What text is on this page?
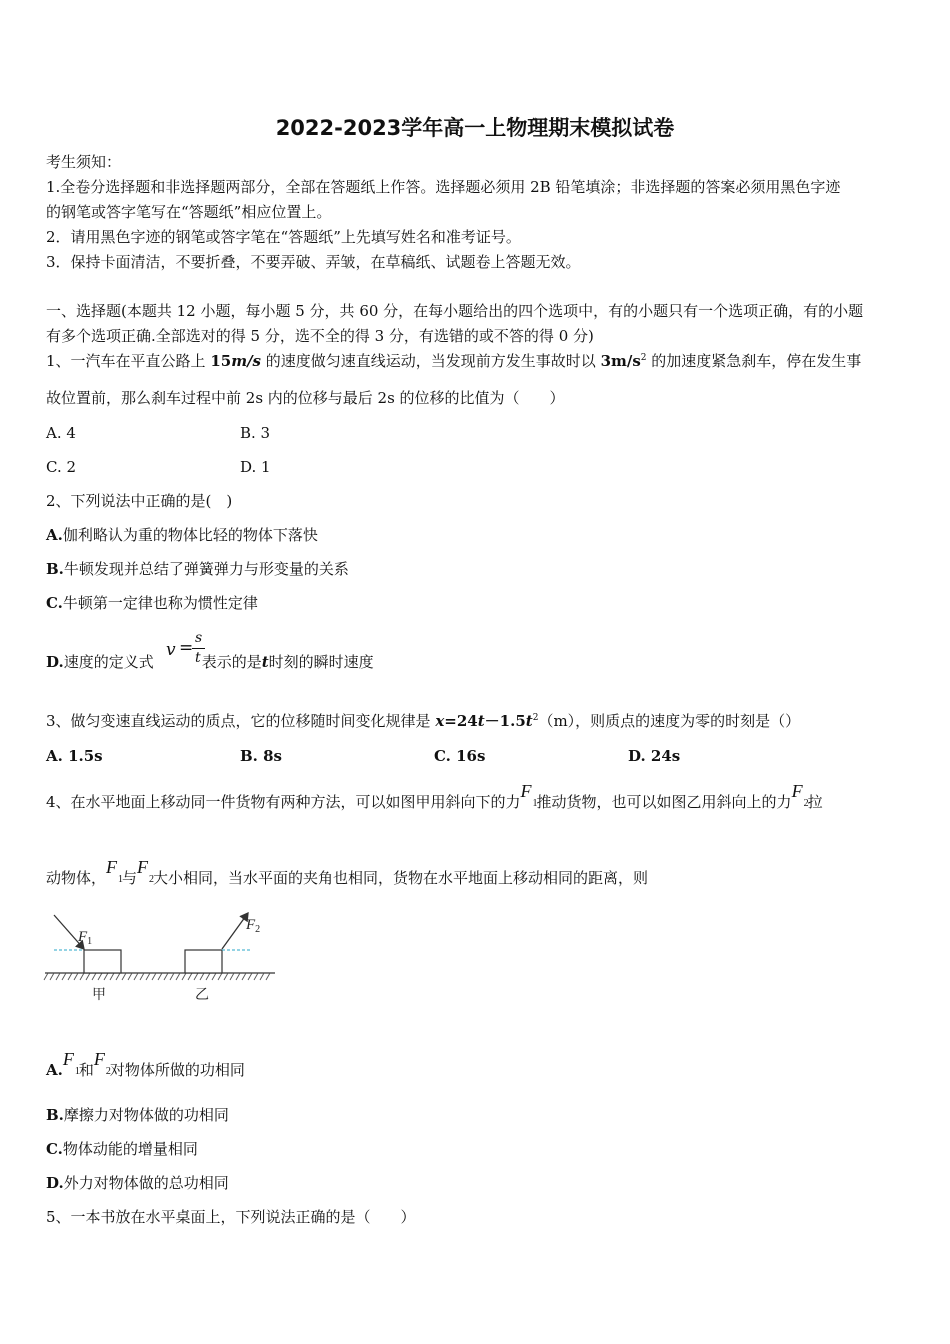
2022-2023学年高一上物理期末模拟试卷
考生须知：
1.全卷分选择题和非选择题两部分，全部在答题纸上作答。选择题必须用 2B 铅笔填涂；非选择题的答案必须用黑色字迹
的钢笔或答字笔写在“答题纸”相应位置上。
2．请用黑色字迹的钢笔或答字笔在“答题纸”上先填写姓名和准考证号。
3．保持卡面清洁，不要折叠，不要弄破、弄皱，在草稿纸、试题卷上答题无效。
一、选择题(本题共 12 小题，每小题 5 分，共 60 分，在每小题给出的四个选项中，有的小题只有一个选项正确，有的小题
有多个选项正确.全部选对的得 5 分，选不全的得 3 分，有选错的或不答的得 0 分)
1、一汽车在平直公路上 15m/s 的速度做匀速直线运动，当发现前方发生事故时以 $3m/s^2$ 的加速度紧急刹车，停在发生事
故位置前，那么刹车过程中前 2s 内的位移与最后 2s 的位移的比值为（　　）
A. 4	B. 3
C. 2	D. 1
2、下列说法中正确的是(　)
A.伽利略认为重的物体比轻的物体下落快
B.牛顿发现并总结了弹簧弹力与形变量的关系
C.牛顿第一定律也称为惯性定律
D.速度的定义式	表示的是t时刻的瞬时速度
v = s
t
3、做匀变速直线运动的质点，它的位移随时间变化规律是 $x=24t-1.5t^2(m)$，则质点的速度为零的时刻是（）
A. 1.5s	B. 8s	C. 16s	D. 24s
4、在水平地面上移动同一件货物有两种方法，可以如图甲用斜向下的力$F_1$推动货物，也可以如图乙用斜向上的力$F_2$拉
动物体，$F_1$与$F_2$大小相同，当水平面的夹角也相同，货物在水平地面上移动相同的距离，则
$F_1$
$F_2$
甲	乙
$A.F_1$和$F_2$对物体所做的功相同
B.摩擦力对物体做的功相同
C.物体动能的增量相同
D.外力对物体做的总功相同
5、一本书放在水平桌面上，下列说法正确的是（　　）
